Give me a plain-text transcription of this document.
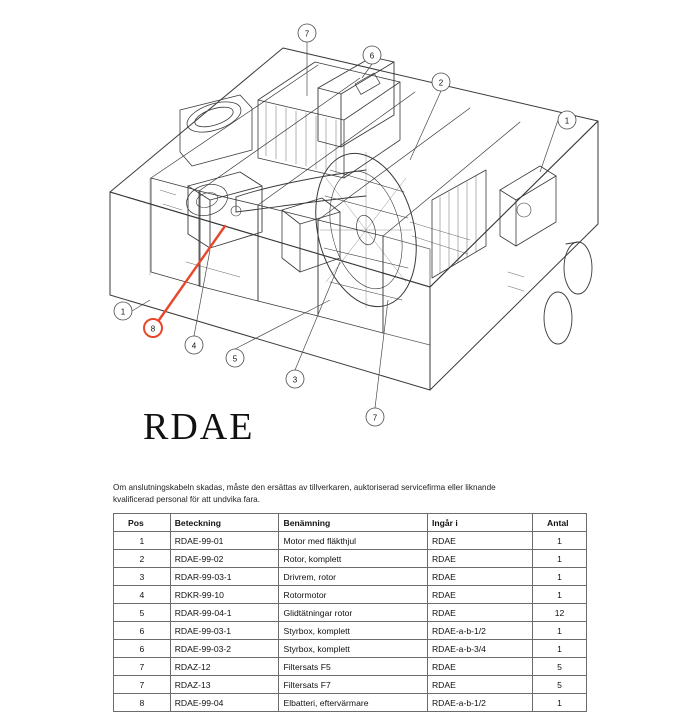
7
6
2
1
1
8
4
5
3
7
RDAE
Om anslutningskabeln skadas, måste den ersättas av tillverkaren, auktoriserad servicefirma eller liknande kvalificerad personal för att undvika fara.
Pos	Beteckning	Benämning	Ingår i	Antal
1	RDAE-99-01	Motor med fläkthjul	RDAE	1
2	RDAE-99-02	Rotor, komplett	RDAE	1
3	RDAR-99-03-1	Drivrem, rotor	RDAE	1
4	RDKR-99-10	Rotormotor	RDAE	1
5	RDAR-99-04-1	Glidtätningar rotor	RDAE	12
6	RDAE-99-03-1	Styrbox, komplett	RDAE-a-b-1/2	1
6	RDAE-99-03-2	Styrbox, komplett	RDAE-a-b-3/4	1
7	RDAZ-12	Filtersats F5	RDAE	5
7	RDAZ-13	Filtersats F7	RDAE	5
8	RDAE-99-04	Elbatteri, eftervärmare	RDAE-a-b-1/2	1
